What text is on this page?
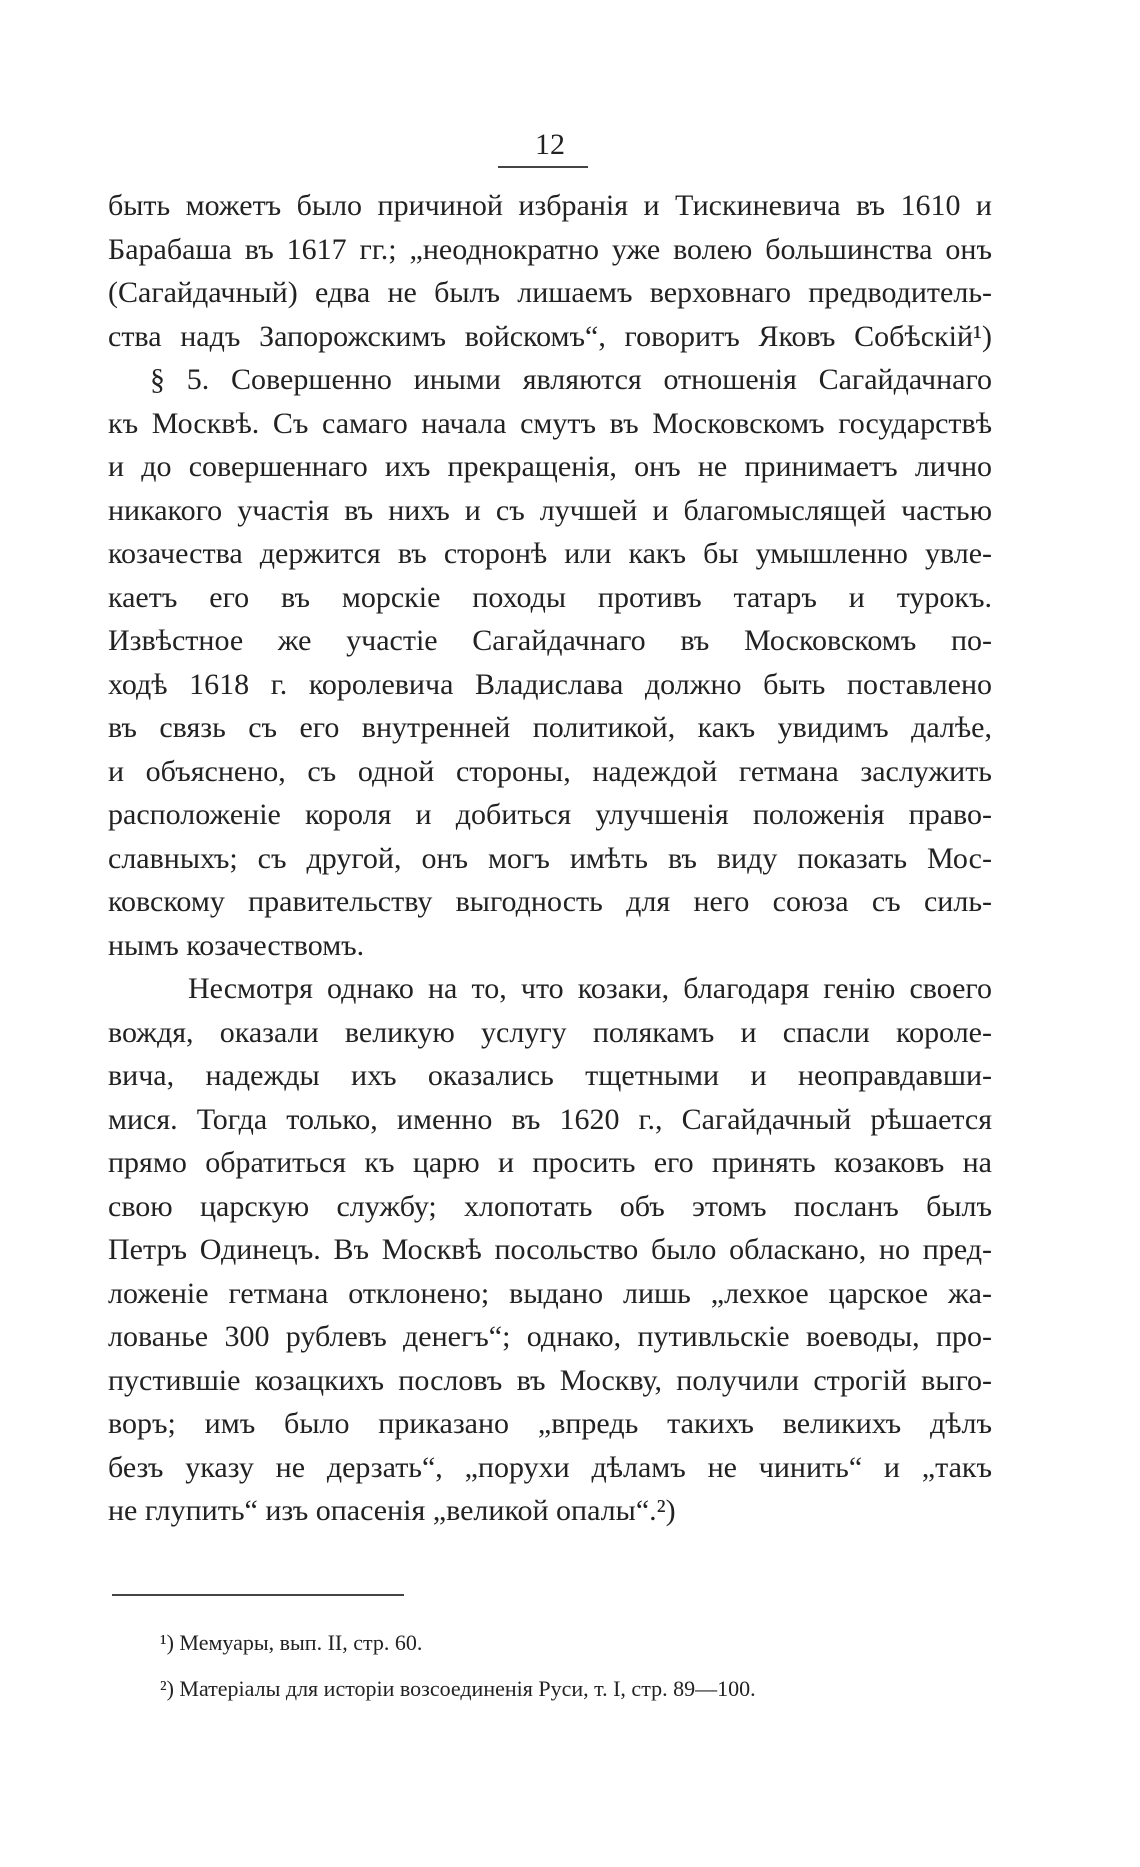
12
быть можетъ было причиной избранія и Тискиневича въ 1610 и
Барабаша въ 1617 гг.; „неоднократно уже волею большинства онъ
(Сагайдачный) едва не былъ лишаемъ верховнаго предводитель-
ства надъ Запорожскимъ войскомъ“, говоритъ Яковъ Собѣскій¹)
§ 5. Совершенно иными являются отношенія Сагайдачнаго
къ Москвѣ. Съ самаго начала смутъ въ Московскомъ государствѣ
и до совершеннаго ихъ прекращенія, онъ не принимаетъ лично
никакого участія въ нихъ и съ лучшей и благомыслящей частью
козачества держится въ сторонѣ или какъ бы умышленно увле-
каетъ его въ морскіе походы противъ татаръ и турокъ.
Извѣстное же участіе Сагайдачнаго въ Московскомъ по-
ходѣ 1618 г. королевича Владислава должно быть поставлено
въ связь съ его внутренней политикой, какъ увидимъ далѣе,
и объяснено, съ одной стороны, надеждой гетмана заслужить
расположеніе короля и добиться улучшенія положенія право-
славныхъ; съ другой, онъ могъ имѣть въ виду показать Мос-
ковскому правительству выгодность для него союза съ силь-
нымъ козачествомъ.
Несмотря однако на то, что козаки, благодаря генію своего
вождя, оказали великую услугу полякамъ и спасли короле-
вича, надежды ихъ оказались тщетными и неоправдавши-
мися. Тогда только, именно въ 1620 г., Сагайдачный рѣшается
прямо обратиться къ царю и просить его принять козаковъ на
свою царскую службу; хлопотать объ этомъ посланъ былъ
Петръ Одинецъ. Въ Москвѣ посольство было обласкано, но пред-
ложеніе гетмана отклонено; выдано лишь „лехкое царское жа-
лованье 300 рублевъ денегъ“; однако, путивльскіе воеводы, про-
пустившіе козацкихъ пословъ въ Москву, получили строгій выго-
воръ; имъ было приказано „впредь такихъ великихъ дѣлъ
безъ указу не дерзать“, „порухи дѣламъ не чинить“ и „такъ
не глупить“ изъ опасенія „великой опалы“.²)
¹) Мемуары, вып. II, стр. 60.
²) Матеріалы для исторіи возсоединенія Руси, т. I, стр. 89—100.
